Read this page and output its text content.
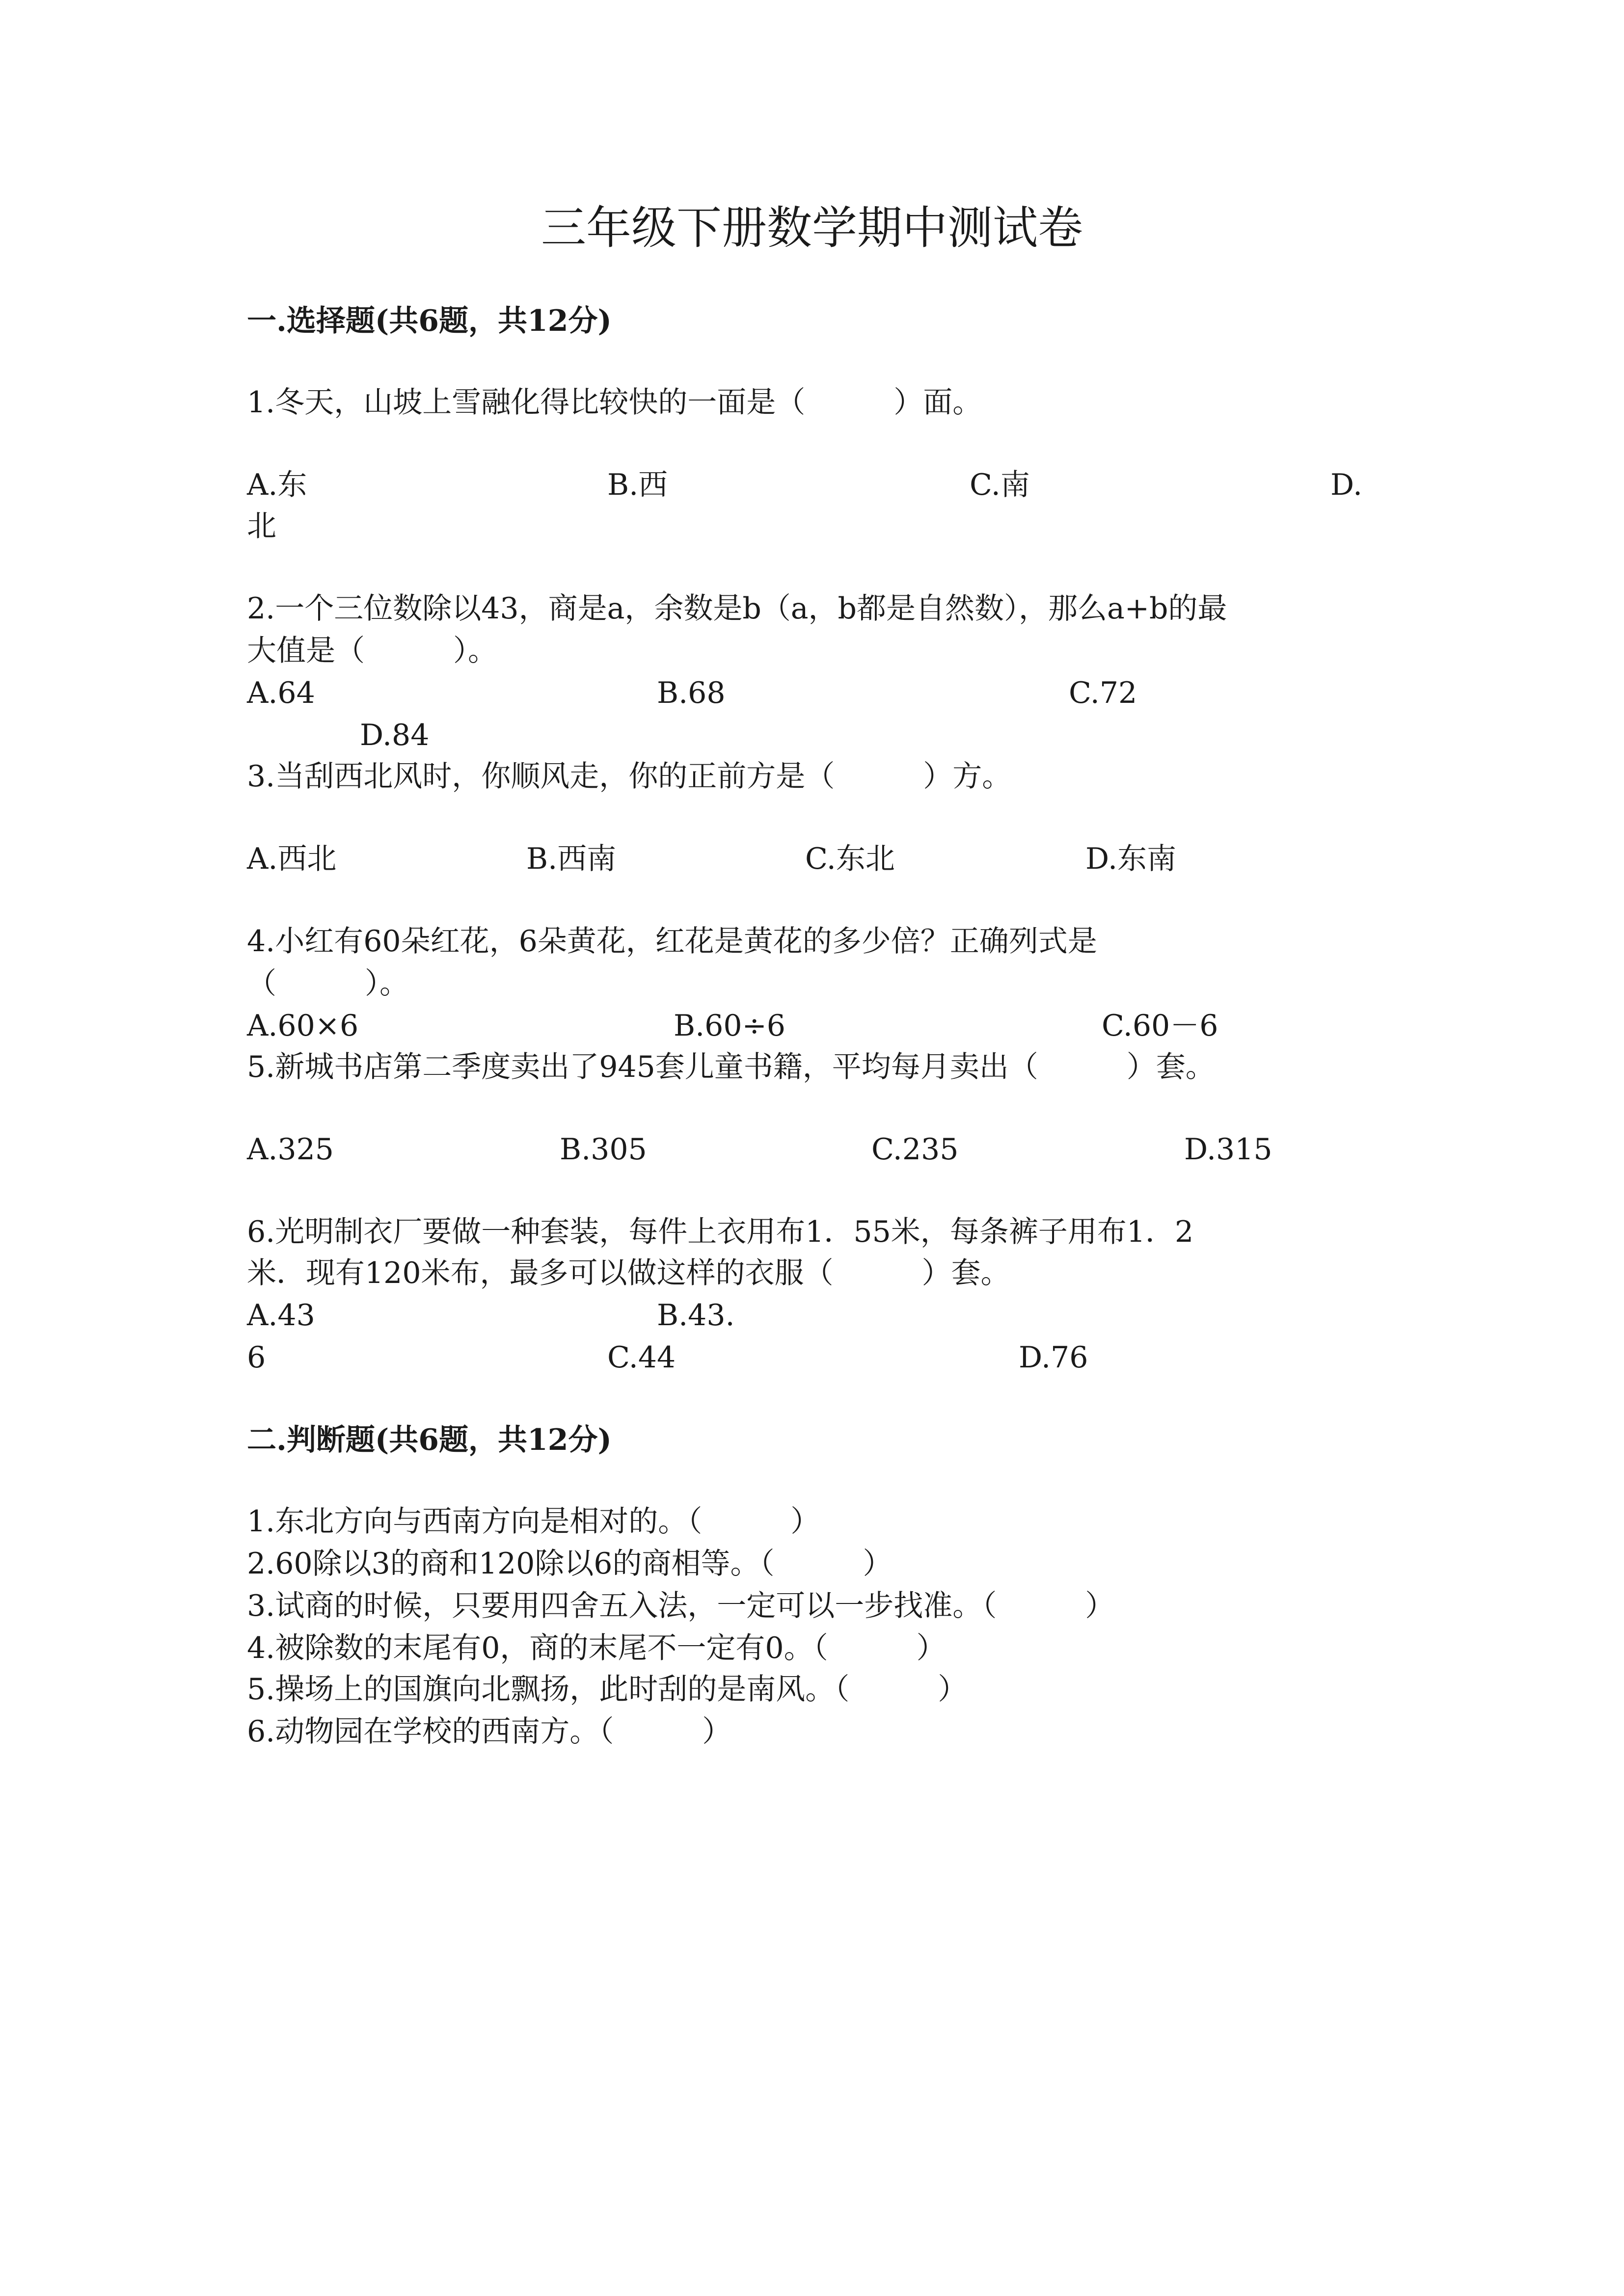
三年级下册数学期中测试卷
一.选择题(共6题，共12分)
1.冬天，山坡上雪融化得比较快的一面是（　　　）面。
A.东	B.西	C.南	D.
北
2.一个三位数除以43，商是a，余数是b（a，b都是自然数），那么a+b的最
大值是（　　　）。
A.64	B.68	C.72
D.84
3.当刮西北风时，你顺风走，你的正前方是（　　　）方。
A.西北	B.西南	C.东北	D.东南
4.小红有60朵红花，6朵黄花，红花是黄花的多少倍？正确列式是
（　　　）。
A.60×6	B.60÷6	C.60－6
5.新城书店第二季度卖出了945套儿童书籍，平均每月卖出（　　　）套。
A.325	B.305	C.235	D.315
6.光明制衣厂要做一种套装，每件上衣用布1．55米，每条裤子用布1．2
米．现有120米布，最多可以做这样的衣服（　　　）套。
A.43	B.43.
6	C.44	D.76
二.判断题(共6题，共12分)
1.东北方向与西南方向是相对的。（　　　）
2.60除以3的商和120除以6的商相等。（　　　）
3.试商的时候，只要用四舍五入法，一定可以一步找准。（　　　）
4.被除数的末尾有0，商的末尾不一定有0。（　　　）
5.操场上的国旗向北飘扬，此时刮的是南风。（　　　）
6.动物园在学校的西南方。（　　　）
